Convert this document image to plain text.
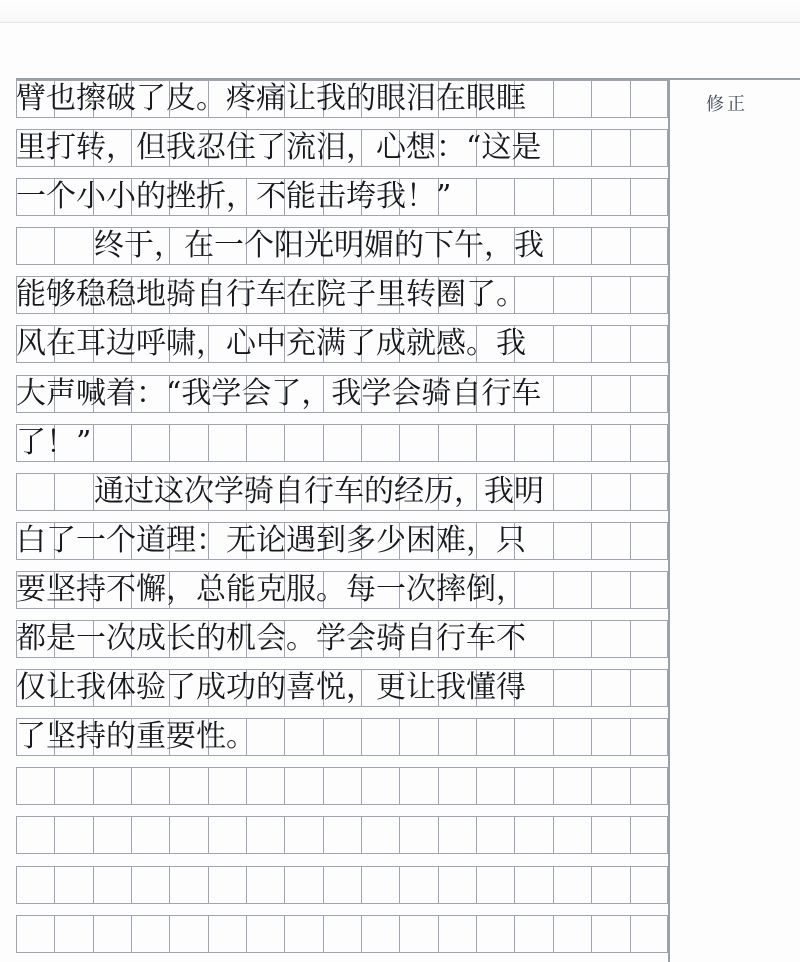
修正
臂也擦破了皮。疼痛让我的眼泪在眼眶
里打转，但我忍住了流泪，心想：“这是
一个小小的挫折，不能击垮我！”
终于，在一个阳光明媚的下午，我
能够稳稳地骑自行车在院子里转圈了。
风在耳边呼啸，心中充满了成就感。我
大声喊着：“我学会了，我学会骑自行车
了！”
通过这次学骑自行车的经历，我明
白了一个道理：无论遇到多少困难，只
要坚持不懈，总能克服。每一次摔倒，
都是一次成长的机会。学会骑自行车不
仅让我体验了成功的喜悦，更让我懂得
了坚持的重要性。
